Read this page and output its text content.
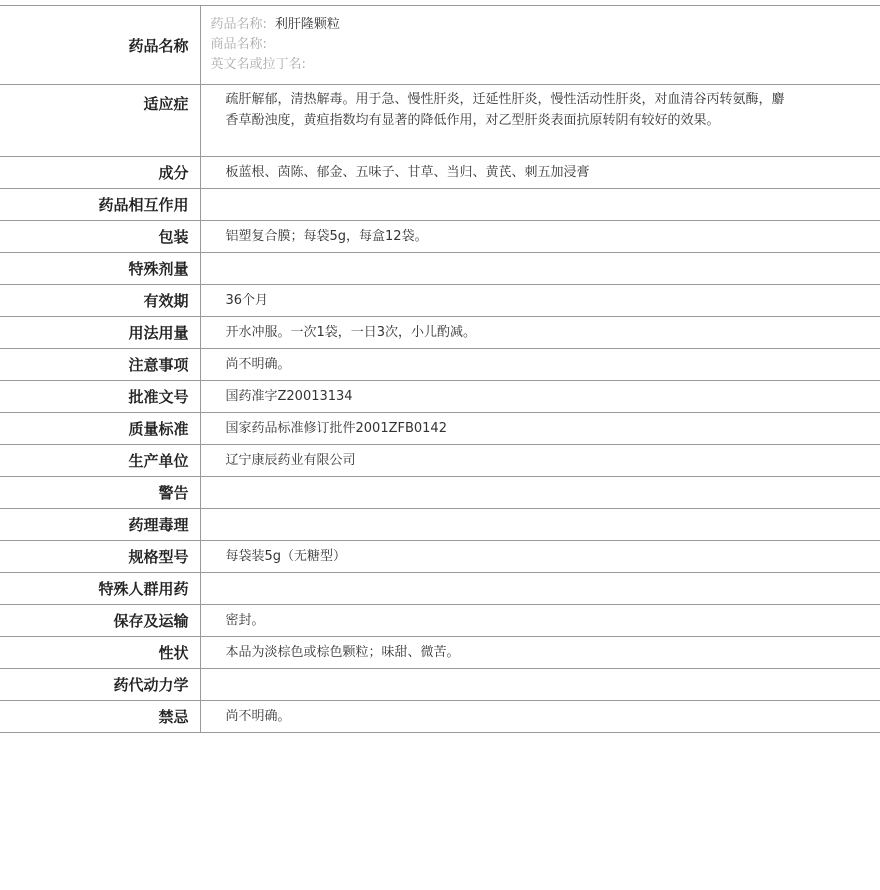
药品名称	药品名称: 利肝隆颗粒
商品名称:
英文名或拉丁名:

适应症	疏肝解郁，清热解毒。用于急、慢性肝炎，迁延性肝炎，慢性活动性肝炎，对血清谷丙转氨酶，麝香草酚浊度，黄疸指数均有显著的降低作用，对乙型肝炎表面抗原转阴有较好的效果。
成分	板蓝根、茵陈、郁金、五味子、甘草、当归、黄芪、刺五加浸膏
药品相互作用	
包装	铝塑复合膜；每袋5g，每盒12袋。
特殊剂量	
有效期	36个月
用法用量	开水冲服。一次1袋，一日3次，小儿酌减。
注意事项	尚不明确。
批准文号	国药准字Z20013134
质量标准	国家药品标准修订批件2001ZFB0142
生产单位	辽宁康辰药业有限公司
警告	
药理毒理	
规格型号	每袋装5g（无糖型）
特殊人群用药	
保存及运输	密封。
性状	本品为淡棕色或棕色颗粒；味甜、微苦。
药代动力学	
禁忌	尚不明确。
